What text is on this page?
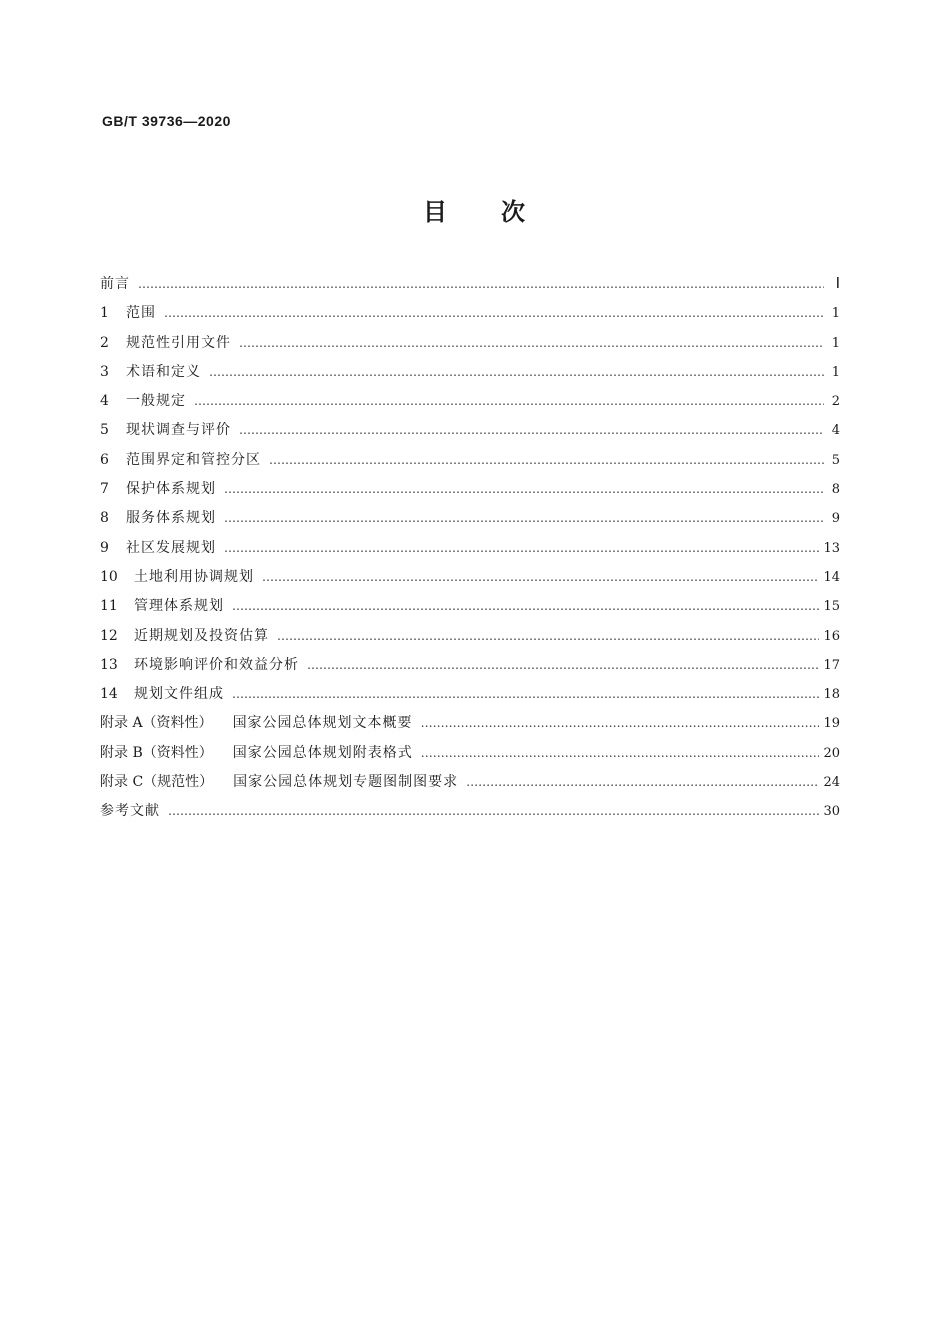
GB/T 39736—2020
目　　次
前言 ……………………………………………………………………………………………………………………………………………………………………………………………………………………	Ⅰ
1	范围 ……………………………………………………………………………………………………………………………………………………………………………………………………………………	1
2	规范性引用文件 ……………………………………………………………………………………………………………………………………………………………………………………………………………………	1
3	术语和定义 ……………………………………………………………………………………………………………………………………………………………………………………………………………………	1
4	一般规定 ……………………………………………………………………………………………………………………………………………………………………………………………………………………	2
5	现状调查与评价 ……………………………………………………………………………………………………………………………………………………………………………………………………………………	4
6	范围界定和管控分区 ……………………………………………………………………………………………………………………………………………………………………………………………………………………	5
7	保护体系规划 ……………………………………………………………………………………………………………………………………………………………………………………………………………………	8
8	服务体系规划 ……………………………………………………………………………………………………………………………………………………………………………………………………………………	9
9	社区发展规划 ……………………………………………………………………………………………………………………………………………………………………………………………………………………	13
10	土地利用协调规划 ……………………………………………………………………………………………………………………………………………………………………………………………………………………	14
11	管理体系规划 ……………………………………………………………………………………………………………………………………………………………………………………………………………………	15
12	近期规划及投资估算 ……………………………………………………………………………………………………………………………………………………………………………………………………………………	16
13	环境影响评价和效益分析 ……………………………………………………………………………………………………………………………………………………………………………………………………………………	17
14	规划文件组成 ……………………………………………………………………………………………………………………………………………………………………………………………………………………	18
附录 A（资料性） 国家公园总体规划文本概要 ……………………………………………………………………………………………………………………………………………………………………………………………………………………	19
附录 B（资料性） 国家公园总体规划附表格式 ……………………………………………………………………………………………………………………………………………………………………………………………………………………	20
附录 C（规范性） 国家公园总体规划专题图制图要求 ……………………………………………………………………………………………………………………………………………………………………………………………………………………	24
参考文献 ……………………………………………………………………………………………………………………………………………………………………………………………………………………	30
